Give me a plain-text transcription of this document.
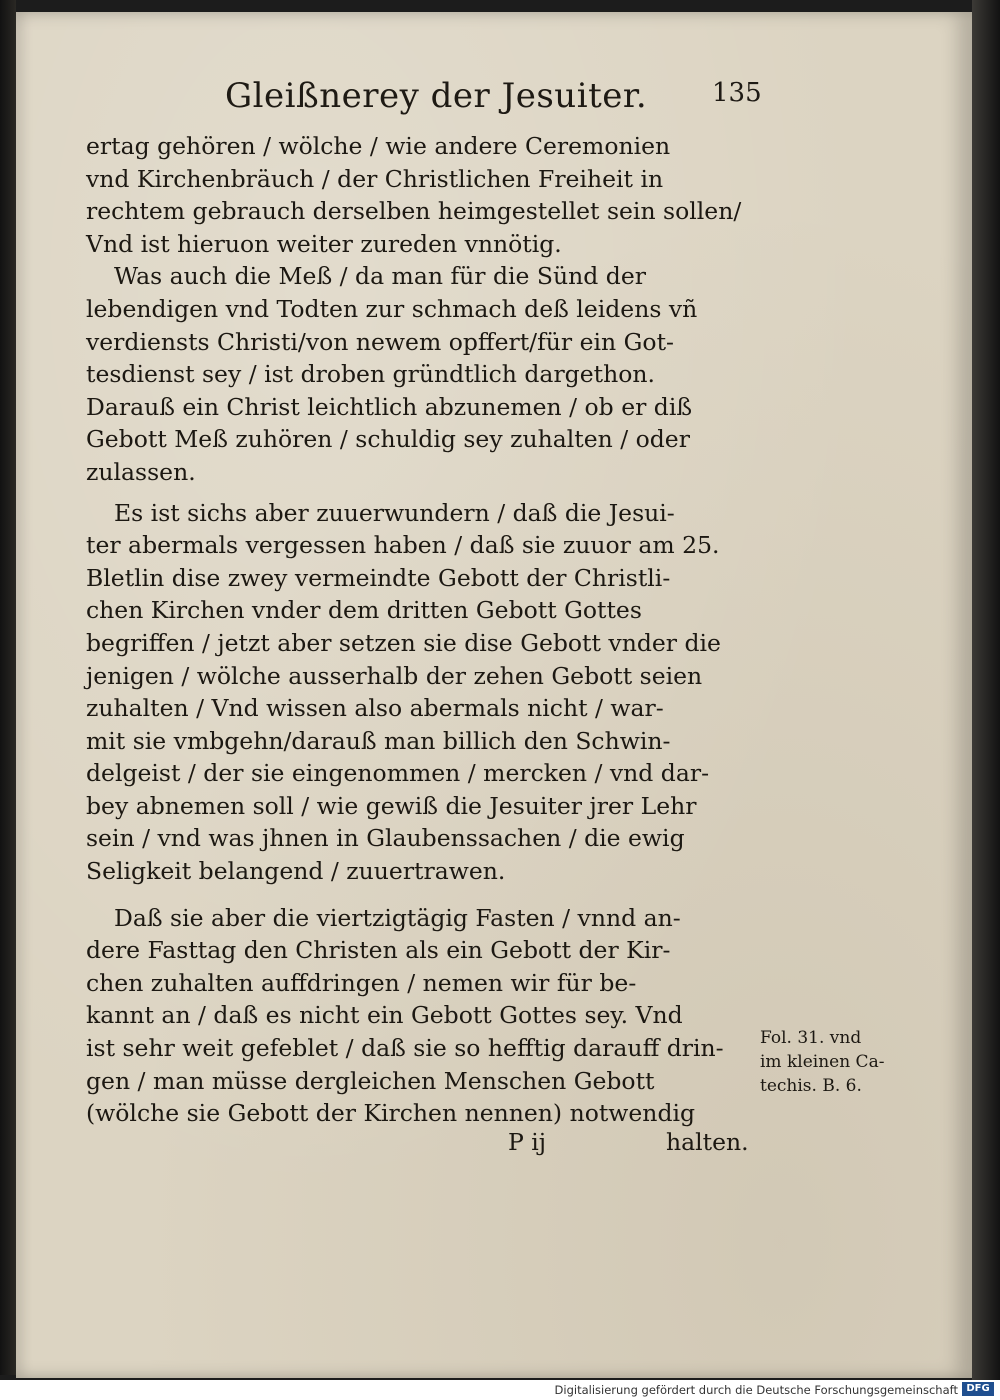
Gleißnerey der Jesuiter. 135
ertag gehören / wölche / wie andere Ceremonien
vnd Kirchenbräuch / der Christlichen Freiheit in
rechtem gebrauch derselben heimgestellet sein sollen/
Vnd ist hieruon weiter zureden vnnötig.
Was auch die Meß / da man für die Sünd der
lebendigen vnd Todten zur schmach deß leidens vñ
verdiensts Christi/von newem opffert/für ein Got-
tesdienst sey / ist droben gründtlich dargethon.
Darauß ein Christ leichtlich abzunemen / ob er diß
Gebott Meß zuhören / schuldig sey zuhalten / oder
zulassen.
Es ist sichs aber zuuerwundern / daß die Jesui-
ter abermals vergessen haben / daß sie zuuor am 25.
Bletlin dise zwey vermeindte Gebott der Christli-
chen Kirchen vnder dem dritten Gebott Gottes
begriffen / jetzt aber setzen sie dise Gebott vnder die
jenigen / wölche ausserhalb der zehen Gebott seien
zuhalten / Vnd wissen also abermals nicht / war-
mit sie vmbgehn/darauß man billich den Schwin-
delgeist / der sie eingenommen / mercken / vnd dar-
bey abnemen soll / wie gewiß die Jesuiter jrer Lehr
sein / vnd was jhnen in Glaubenssachen / die ewig
Seligkeit belangend / zuuertrawen.
Daß sie aber die viertzigtägig Fasten / vnnd an-
dere Fasttag den Christen als ein Gebott der Kir-
chen zuhalten auffdringen / nemen wir für be-
kannt an / daß es nicht ein Gebott Gottes sey. Vnd
ist sehr weit gefeblet / daß sie so hefftig darauff drin-
gen / man müsse dergleichen Menschen Gebott
(wölche sie Gebott der Kirchen nennen) notwendig
P ij	halten.
Fol. 31. vnd
im kleinen Ca-
techis. B. 6.
Digitalisierung gefördert durch die Deutsche Forschungsgemeinschaft DFG
